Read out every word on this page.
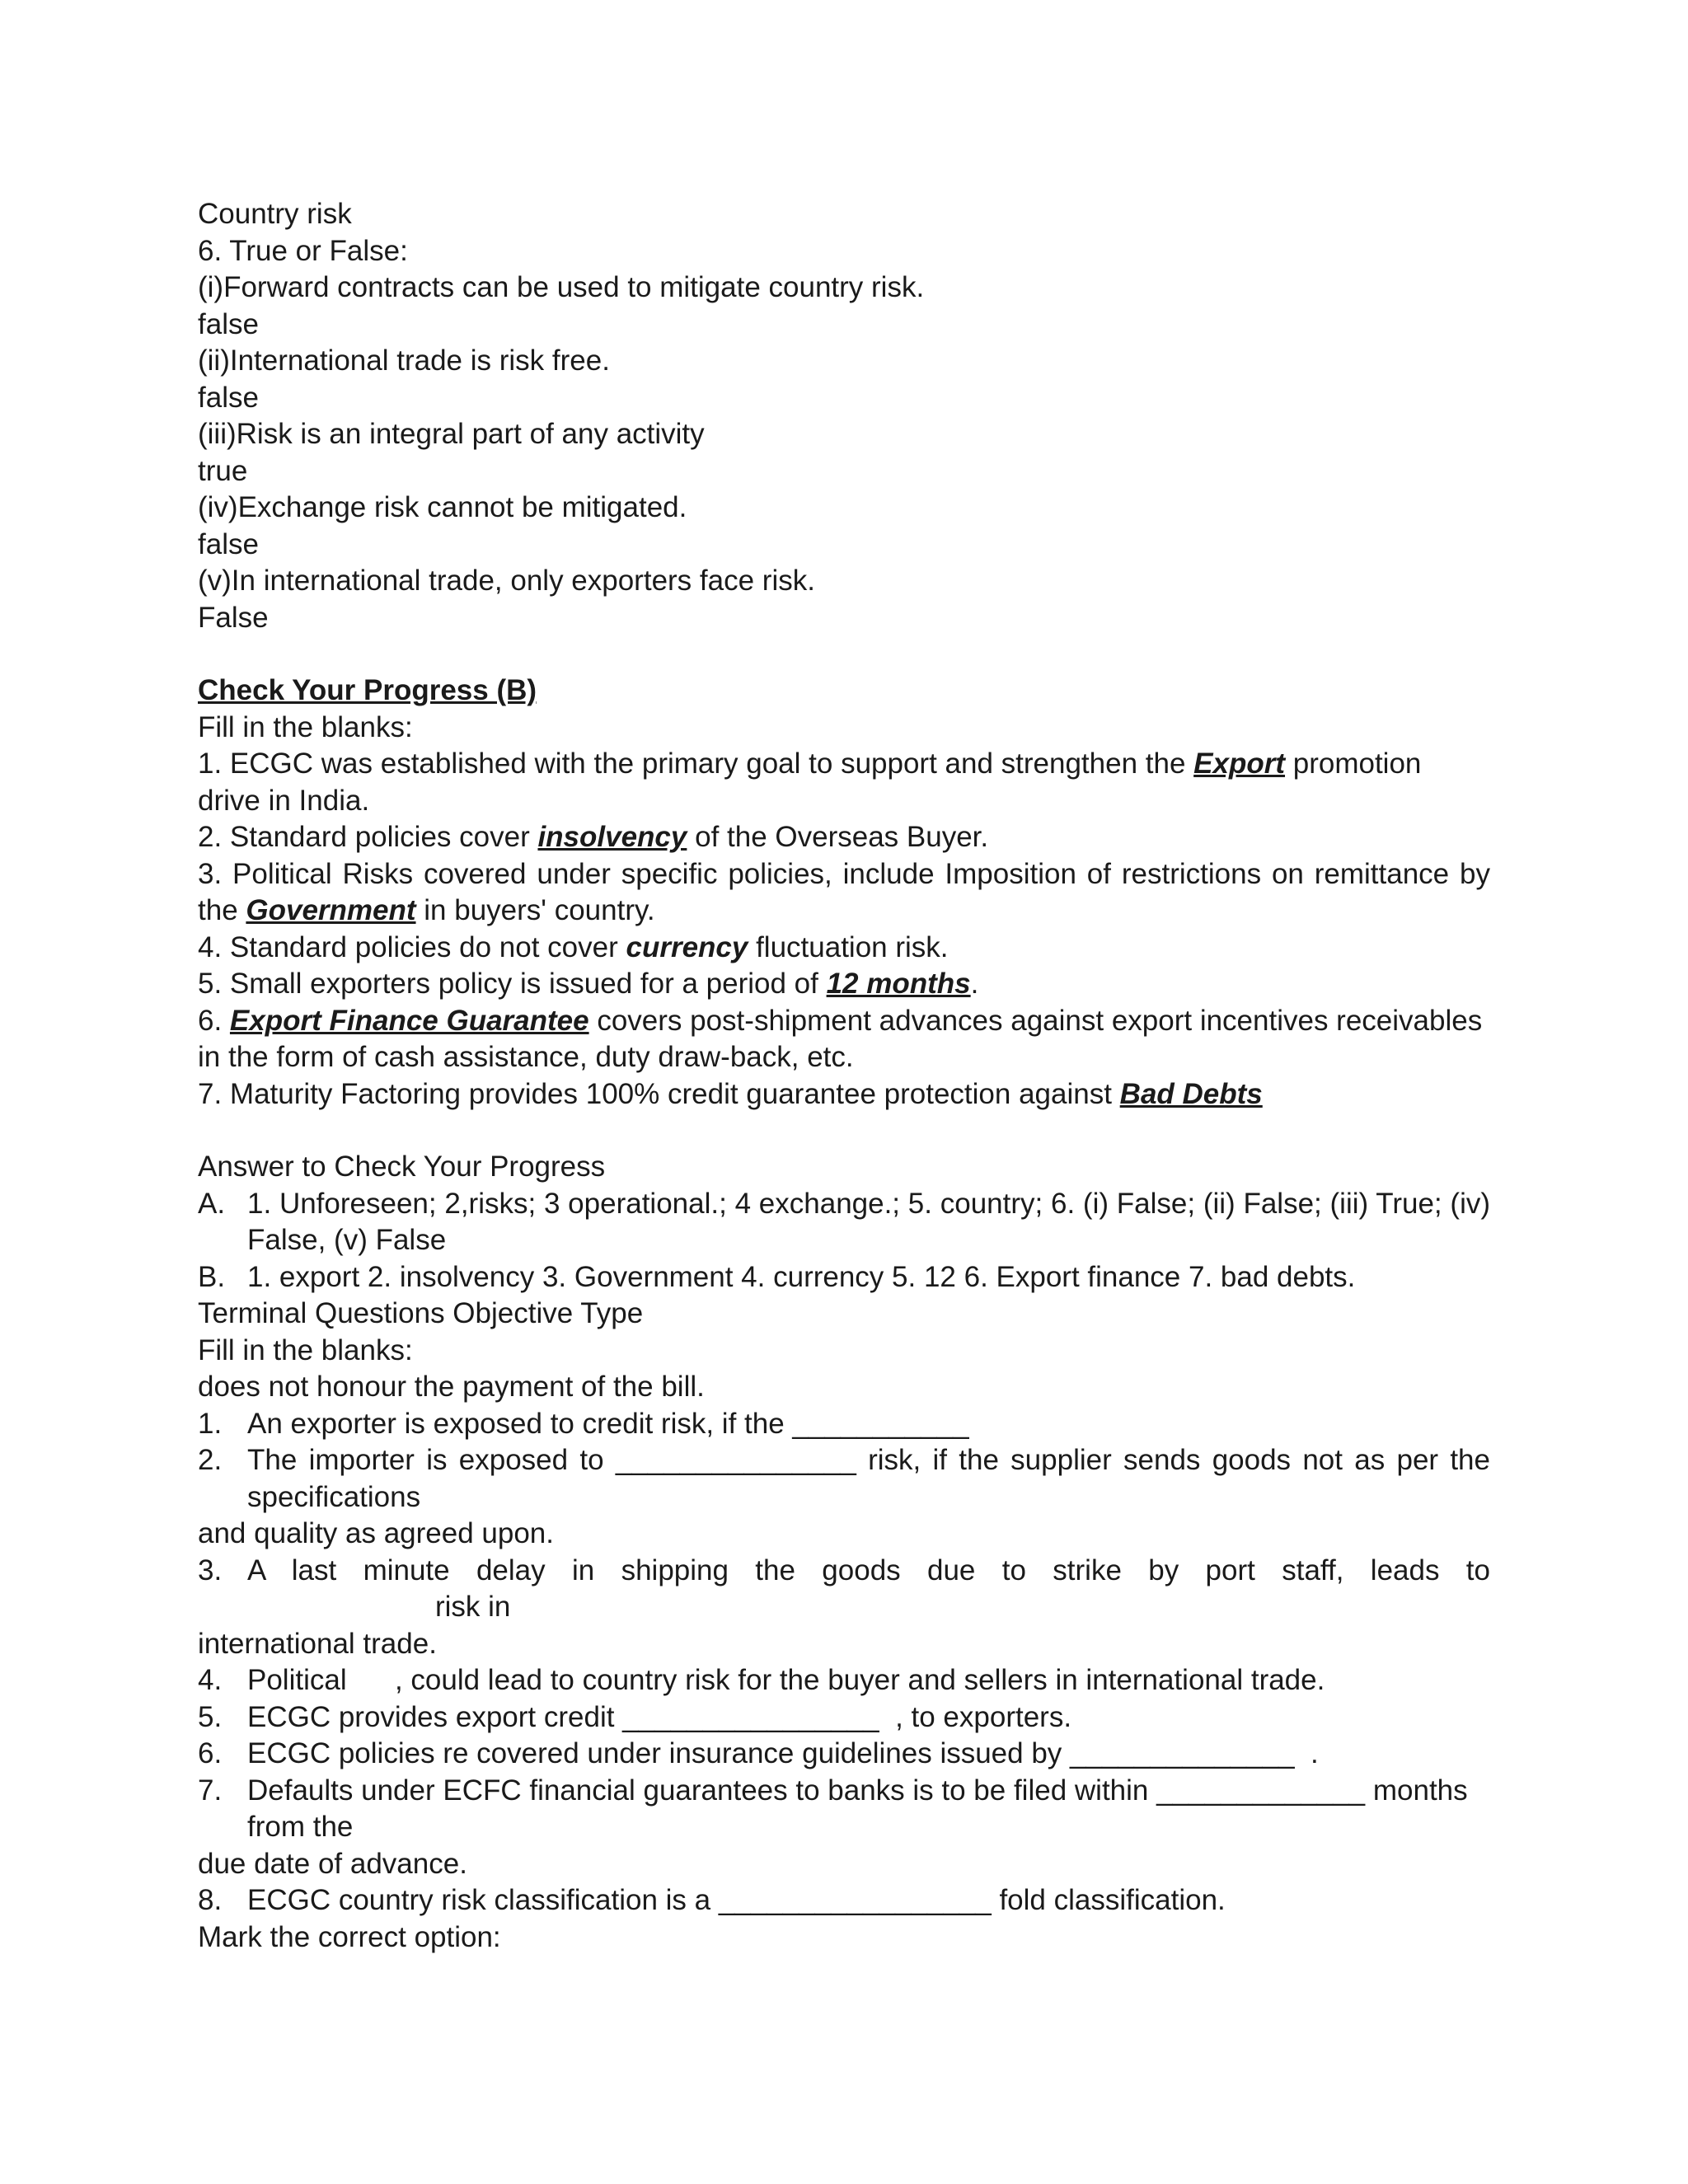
Country risk
6. True or False:
(i)Forward contracts can be used to mitigate country risk.
false
(ii)International trade is risk free.
false
(iii)Risk is an integral part of any activity
true
(iv)Exchange risk cannot be mitigated.
false
(v)In international trade, only exporters face risk.
False
Check Your Progress (B)
Fill in the blanks:
1. ECGC was established with the primary goal to support and strengthen the Export promotion drive in India.
2. Standard policies cover insolvency of the Overseas Buyer.
3. Political Risks covered under specific policies, include Imposition of restrictions on remittance by the Government in buyers' country.
4. Standard policies do not cover currency fluctuation risk.
5. Small exporters policy is issued for a period of 12 months.
6. Export Finance Guarantee covers post-shipment advances against export incentives receivables in the form of cash assistance, duty draw-back, etc.
7. Maturity Factoring provides 100% credit guarantee protection against Bad Debts
Answer to Check Your Progress
A. 1. Unforeseen; 2,risks; 3 operational.; 4 exchange.; 5. country; 6. (i) False; (ii) False; (iii) True; (iv) False, (v) False
B. 1. export 2. insolvency 3. Government 4. currency 5. 12 6. Export finance 7. bad debts.
Terminal Questions Objective Type
Fill in the blanks:
does not honour the payment of the bill.
1. An exporter is exposed to credit risk, if the ___________
2. The importer is exposed to _______________ risk, if the supplier sends goods not as per the specifications
and quality as agreed upon.
3. A last minute delay in shipping the goods due to strike by port staff, leads to
risk in
international trade.
4. Political      , could lead to country risk for the buyer and sellers in international trade.
5. ECGC provides export credit ________________  , to exporters.
6. ECGC policies re covered under insurance guidelines issued by ______________  .
7. Defaults under ECFC financial guarantees to banks is to be filed within _____________ months from the
due date of advance.
8. ECGC country risk classification is a _________________ fold classification.
Mark the correct option:
